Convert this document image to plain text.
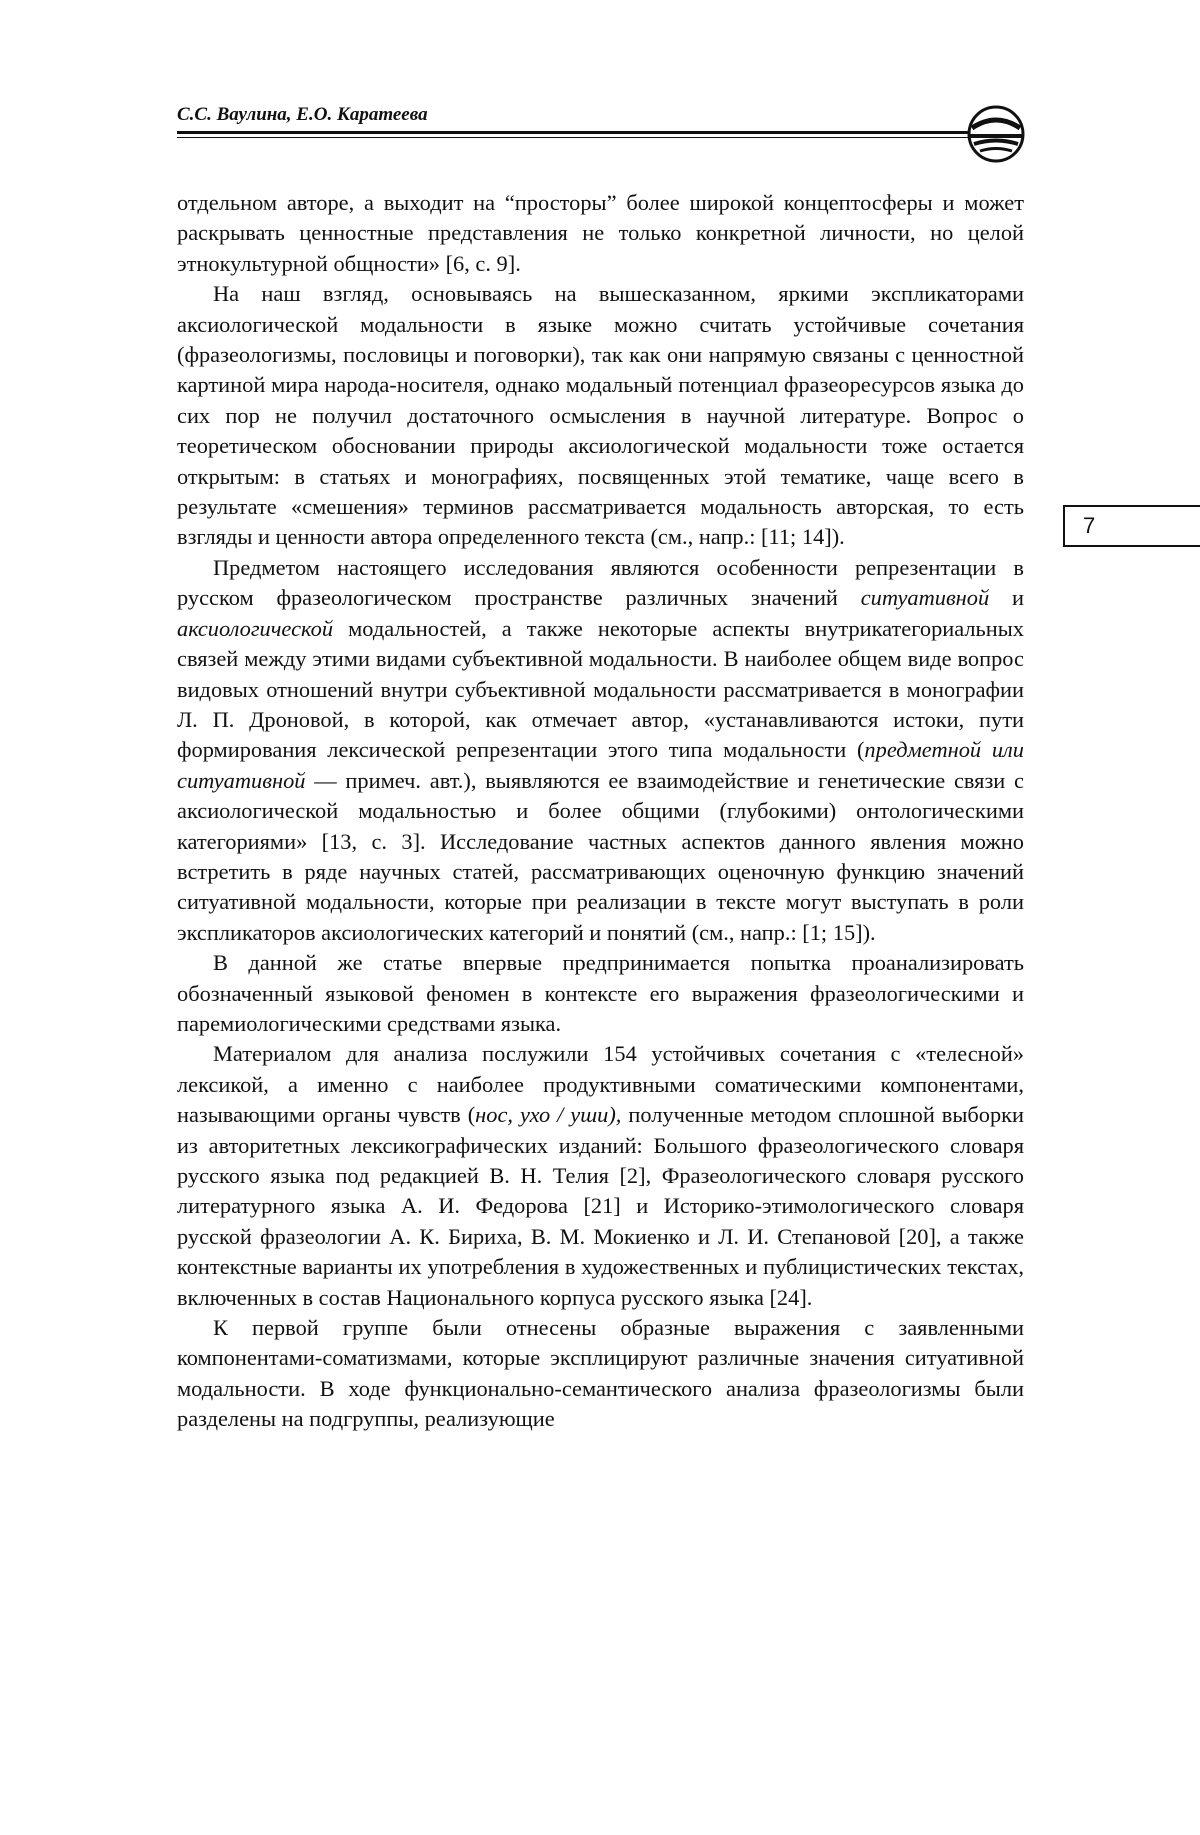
С.С. Ваулина, Е.О. Каратеева
7

отдельном авторе, а выходит на “просторы” более широкой концептосферы и может раскрывать ценностные представления не только конкретной личности, но целой этнокультурной общности» [6, с. 9].

На наш взгляд, основываясь на вышесказанном, яркими экспликаторами аксиологической модальности в языке можно считать устойчивые сочетания (фразеологизмы, пословицы и поговорки), так как они напрямую связаны с ценностной картиной мира народа-носителя, однако модальный потенциал фразеоресурсов языка до сих пор не получил достаточного осмысления в научной литературе. Вопрос о теоретическом обосновании природы аксиологической модальности тоже остается открытым: в статьях и монографиях, посвященных этой тематике, чаще всего в результате «смешения» терминов рассматривается модальность авторская, то есть взгляды и ценности автора определенного текста (см., напр.: [11; 14]).

Предметом настоящего исследования являются особенности репрезентации в русском фразеологическом пространстве различных значений ситуативной и аксиологической модальностей, а также некоторые аспекты внутрикатегориальных связей между этими видами субъективной модальности. В наиболее общем виде вопрос видовых отношений внутри субъективной модальности рассматривается в монографии Л. П. Дроновой, в которой, как отмечает автор, «устанавливаются истоки, пути формирования лексической репрезентации этого типа модальности (предметной или ситуативной — примеч. авт.), выявляются ее взаимодействие и генетические связи с аксиологической модальностью и более общими (глубокими) онтологическими категориями» [13, с. 3]. Исследование частных аспектов данного явления можно встретить в ряде научных статей, рассматривающих оценочную функцию значений ситуативной модальности, которые при реализации в тексте могут выступать в роли экспликаторов аксиологических категорий и понятий (см., напр.: [1; 15]).

В данной же статье впервые предпринимается попытка проанализировать обозначенный языковой феномен в контексте его выражения фразеологическими и паремиологическими средствами языка.

Материалом для анализа послужили 154 устойчивых сочетания с «телесной» лексикой, а именно с наиболее продуктивными соматическими компонентами, называющими органы чувств (нос, ухо / уши), полученные методом сплошной выборки из авторитетных лексикографических изданий: Большого фразеологического словаря русского языка под редакцией В. Н. Телия [2], Фразеологического словаря русского литературного языка А. И. Федорова [21] и Историко-этимологического словаря русской фразеологии А. К. Бириха, В. М. Мокиенко и Л. И. Степановой [20], а также контекстные варианты их употребления в художественных и публицистических текстах, включенных в состав Национального корпуса русского языка [24].

К первой группе были отнесены образные выражения с заявленными компонентами-соматизмами, которые эксплицируют различные значения ситуативной модальности. В ходе функционально-семантического анализа фразеологизмы были разделены на подгруппы, реализующие
